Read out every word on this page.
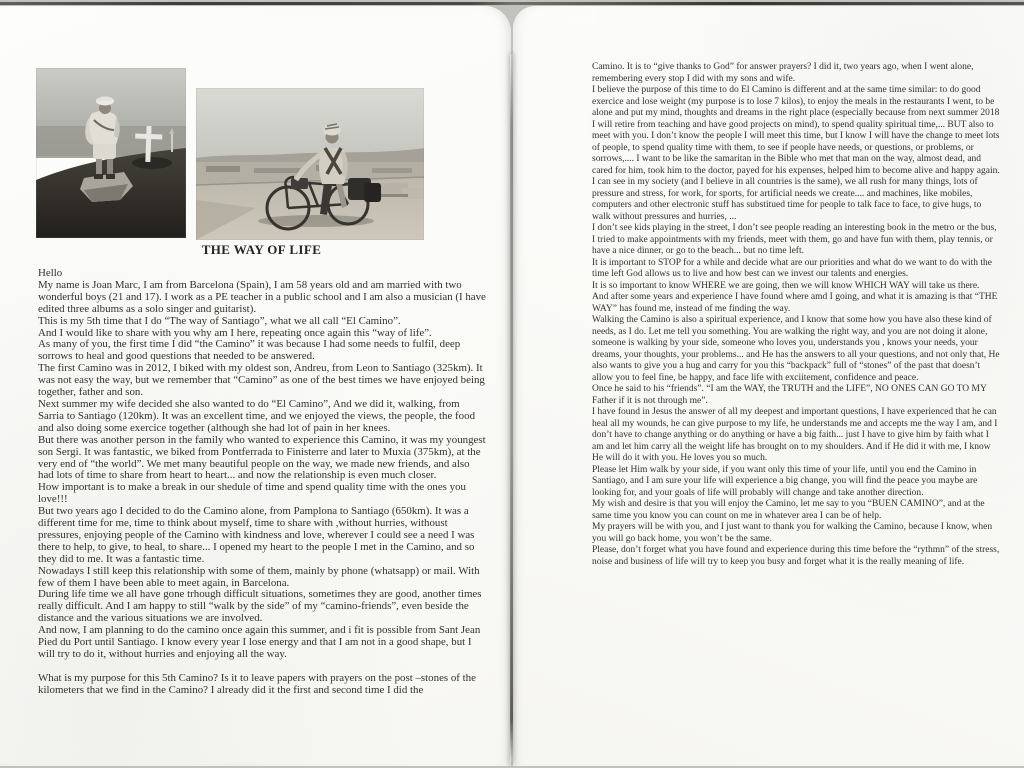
THE WAY OF LIFE

Hello

My name is Joan Marc, I am from Barcelona (Spain), I am 58 years old and am married with two wonderful boys (21 and 17). I work as a PE teacher in a public school and I am also a musician (I have edited three albums as a solo singer and guitarist).

This is my 5th time that I do “The way of Santiago”, what we all call “El Camino”.

And I would like to share with you why am I here, repeating once again this “way of life”.

As many of you, the first time I did “the Camino” it was because I had some needs to fulfil, deep sorrows to heal and good questions that needed to be answered.

The first Camino was in 2012, I biked with my oldest son, Andreu, from Leon to Santiago (325km). It was not easy the way, but we remember that “Camino” as one of the best times we have enjoyed being together, father and son.

Next summer my wife decided she also wanted to do “El Camino”, And we did it, walking, from Sarria to Santiago (120km). It was an excellent time, and we enjoyed the views, the people, the food and also doing some exercice together (although she had lot of pain in her knees.

But there was another person in the family who wanted to experience this Camino, it was my youngest son Sergi. It was fantastic, we biked from Pontferrada to Finisterre and later to Muxia (375km), at the very end of “the world”. We met many beautiful people on the way, we made new friends, and also had lots of time to share from heart to heart... and now the relationship is even much closer.

How important is to make a break in our shedule of time and spend quality time with the ones you love!!!

But two years ago I decided to do the Camino alone, from Pamplona to Santiago (650km). It was a different time for me, time to think about myself, time to share with ,without hurries, withoust pressures, enjoying people of the Camino with kindness and love, wherever I could see a need I was there to help, to give, to heal, to share... I opened my heart to the people I met in the Camino, and so they did to me. It was a fantastic time.

Nowadays I still keep this relationship with some of them, mainly by phone (whatsapp) or mail. With few of them I have been able to meet again, in Barcelona.

During life time we all have gone trhough difficult situations, sometimes they are good, another times really difficult. And I am happy to still “walk by the side” of my “camino-friends”, even beside the distance and the various situations we are involved.

And now, I am planning to do the camino once again this summer, and i fit is possible from Sant Jean Pied du Port until Santiago. I know every year I lose energy and that I am not in a good shape, but I will try to do it, without hurries and enjoying all the way.

What is my purpose for this 5th Camino? Is it to leave papers with prayers on the post –stones of the kilometers that we find in the Camino? I already did it the first and second time I did the

Camino. It is to “give thanks to God” for answer prayers? I did it, two years ago, when I went alone, remembering every stop I did with my sons and wife.

I believe the purpose of this time to do El Camino is different and at the same time similar: to do good exercice and lose weight (my purpose is to lose 7 kilos), to enjoy the meals in the restaurants I went, to be alone and put my mind, thoughts and dreams in the right place (especially because from next summer 2018 I will retire from teaching and have good projects on mind), to spend quality spiritual time,... BUT also to meet with you. I don’t know the people I will meet this time, but I know I will have the change to meet lots of people, to spend quality time with them, to see if people have needs, or questions, or problems, or sorrows,.... I want to be like the samaritan in the Bible who met that man on the way, almost dead, and cared for him, took him to the doctor, payed for his expenses, helped him to become alive and happy again.

I can see in my society (and I believe in all countries is the same), we all rush for many things, lots of pressure and stress, for work, for sports, for artificial needs we create.... and machines, like mobiles, computers and other electronic stuff has substitued time for people to talk face to face, to give hugs, to walk without pressures and hurries, ...

I don’t see kids playing in the street, I don’t see people reading an interesting book in the metro or the bus, I tried to make appointments with my friends, meet with them, go and have fun with them, play tennis, or have a nice dinner, or go to the beach... but no time left.

It is important to STOP for a while and decide what are our priorities and what do we want to do with the time left God allows us to live and how best can we invest our talents and energies.

It is so important to know WHERE we are going, then we will know WHICH WAY will take us there.

And after some years and experience I have found where amd I going, and what it is amazing is that “THE WAY” has found me, instead of me finding the way.

Walking the Camino is also a spiritual experience, and I know that some how you have also these kind of needs, as I do. Let me tell you something. You are walking the right way, and you are not doing it alone, someone is walking by your side, someone who loves you, understands you , knows your needs, your dreams, your thoughts, your problems... and He has the answers to all your questions, and not only that, He also wants to give you a hug and carry for you this “backpack” full of “stones” of the past that doesn’t allow you to feel fine, be happy, and face life with exciitement, confidence and peace.

Once he said to his “friends”. “I am the WAY, the TRUTH and the LIFE”, NO ONES CAN GO TO MY Father if it is not through me”.

I have found in Jesus the answer of all my deepest and important questions, I have experienced that he can heal all my wounds, he can give purpose to my life, he understands me and accepts me the way I am, and I don’t have to change anything or do anything or have a big faith... just I have to give him by faith what I am and let him carry all the weight life has brought on to my shoulders. And if He did it with me, I know He will do it with you. He loves you so much.

Please let Him walk by your side, if you want only this time of your life, until you end the Camino in Santiago, and I am sure your life will experience a big change, you will find the peace you maybe are looking for, and your goals of life will probably will change and take another direction.

My wish and desire is that you will enjoy the Camino, let me say to you “BUEN CAMINO”, and at the same time you know you can count on me in whatever area I can be of help.

My prayers will be with you, and I just want to thank you for walking the Camino, because I know, when you will go back home, you won’t be the same.

Please, don’t forget what you have found and experience during this time before the “rythmn” of the stress, noise and business of life will try to keep you busy and forget what it is the really meaning of life.
